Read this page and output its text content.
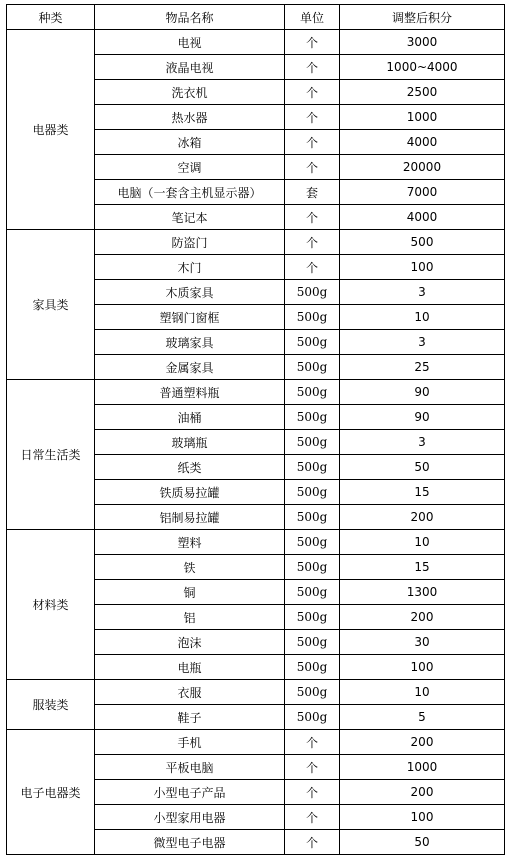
种类	物品名称	单位	调整后积分
电器类	电视	个	3000
	液晶电视	个	1000~4000
	洗衣机	个	2500
	热水器	个	1000
	冰箱	个	4000
	空调	个	20000
	电脑（一套含主机显示器）	套	7000
	笔记本	个	4000
家具类	防盗门	个	500
	木门	个	100
	木质家具	500g	3
	塑钢门窗框	500g	10
	玻璃家具	500g	3
	金属家具	500g	25
日常生活类	普通塑料瓶	500g	90
	油桶	500g	90
	玻璃瓶	500g	3
	纸类	500g	50
	铁质易拉罐	500g	15
	铝制易拉罐	500g	200
材料类	塑料	500g	10
	铁	500g	15
	铜	500g	1300
	铝	500g	200
	泡沫	500g	30
	电瓶	500g	100
服装类	衣服	500g	10
	鞋子	500g	5
电子电器类	手机	个	200
	平板电脑	个	1000
	小型电子产品	个	200
	小型家用电器	个	100
	微型电子电器	个	50
